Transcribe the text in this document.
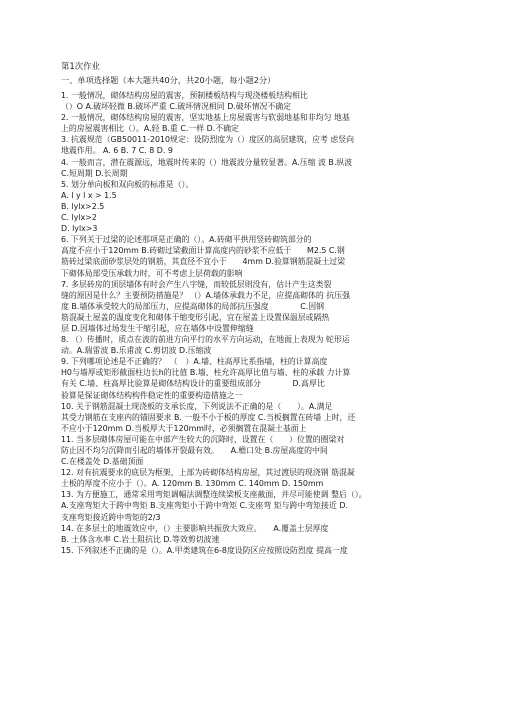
第1次作业
一、单项选择题（本大题共40分，共20小题，每小题2分）
1. 一般情况，砌体结构房屋的震害，预制楼板结构与现浇楼板结构相比
（）O A.破坏轻微 B.破坏严重 C.破坏情况相同 D.破坏情况不确定
2. 一般情况，砌体结构房屋的震害，坚实地基上房屋震害与软弱地基和非均匀 地基
上的房屋震害相比（）。A.轻 B.重 C.一样 D.不确定
3. 抗震规范（GB50011-2010规定：设防烈度为（）度区的高层建筑，应考 虑竖向
地震作用。 A. 6 B. 7 C. 8 D. 9
4. 一般而言，潜在震源远，地震时传来的（）地震波分量较显著。A.压缩 波 B.纵波
C.短周期 D.长周期
5. 划分单向板和双向板的标准是（）。
A. l y l x > 1.5
B. lylx>2.5
C. lylx>2
D. lylx>3
6. 下列关于过梁的论述那项是正确的（）。A.砖砌平拱用竖砖砌筑部分的
高度不应小于120mm B.砖砌过梁截面计算高度内的砂浆不应低于　　M2.5 C.钢
筋砖过梁底面砂浆层处的钢筋，其直径不宜小于　　4mm D.验算钢筋混凝土过梁
下砌体局部受压承载力时，可不考虑上层荷载的影响
7. 多层砖房的顶层墙体有时会产生八字缝，而较低层则没有，估计产生这类裂
缝的原因是什么？主要预防措施是？ （）A.墙体承载力不足，应提高砌体的 抗压强
度 B.墙体承受较大的局部压力，应提高砌体的局部抗压强度　　　　C.因钢
筋混凝土屋盖的温度变化和砌体干缩变形引起，宜在屋盖上设置保温层或隔热
层 D.因墙体过场发生干缩引起，应在墙体中设置伸缩缝
8. （）传播时，质点在波的前进方向平行的水平方向运动，在地面上表现为 蛇形运
动。A.瑞雷波 B.乐甫波 C.剪切波 D.压缩波
9. 下列哪项论述是不正确的？　（　）A.墙、柱高厚比系指墙，柱的计算高度
H0与墙厚或矩形截面柱边长h的比值 B.墙、柱允许高厚比值与墙、柱的承载 力计算
有关 C.墙、柱高厚比验算是砌体结构设计的重要组成部分　　　　D.高厚比
验算是保证砌体结构构件稳定性的重要构造措施之一
10. 关于钢筋混凝土现浇板的支承长度，下列说法不正确的是（　　）。A.满足
其受力钢筋在支座内的锚固要求 B. 一般不小于板的厚度 C.当板搁置在砖墙 上时，还
不应小于120mm D.当板厚大于120mm时，必须搁置在混凝土基面上
11. 当多层砌体房屋可能在中部产生较大的沉降时，设置在（　　）位置的圈梁对
防止因不均匀沉降而引起的墙体开裂最有效。　　A.檐口处 B.房屋高度的中间
C.在楼盖处 D.基础顶面
12. 对有抗震要求的底层为框架，上部为砖砌体结构房屋，其过渡层的现浇钢 筋混凝
土板的厚度不应小于（）。A. 120mm B. 130mm C. 140mm D. 150mm
13. 为方便施工，通常采用弯矩调幅法调整连续梁板支座截面，并尽可能使调 整后（）。
A.支座弯矩大于跨中弯矩 B.支座弯矩小于跨中弯矩 C.支座弯 矩与跨中弯矩接近 D.
支座弯矩接近跨中弯矩的2/3
14. 在多层土的地震效应中，（）主要影响共振放大效应。　　A.覆盖土层厚度
B. 土体含水率 C.岩土阻抗比 D.等效剪切波速
15. 下列叙述不正确的是（）。A.甲类建筑在6-8度设防区应按照设防烈度 提高一度
